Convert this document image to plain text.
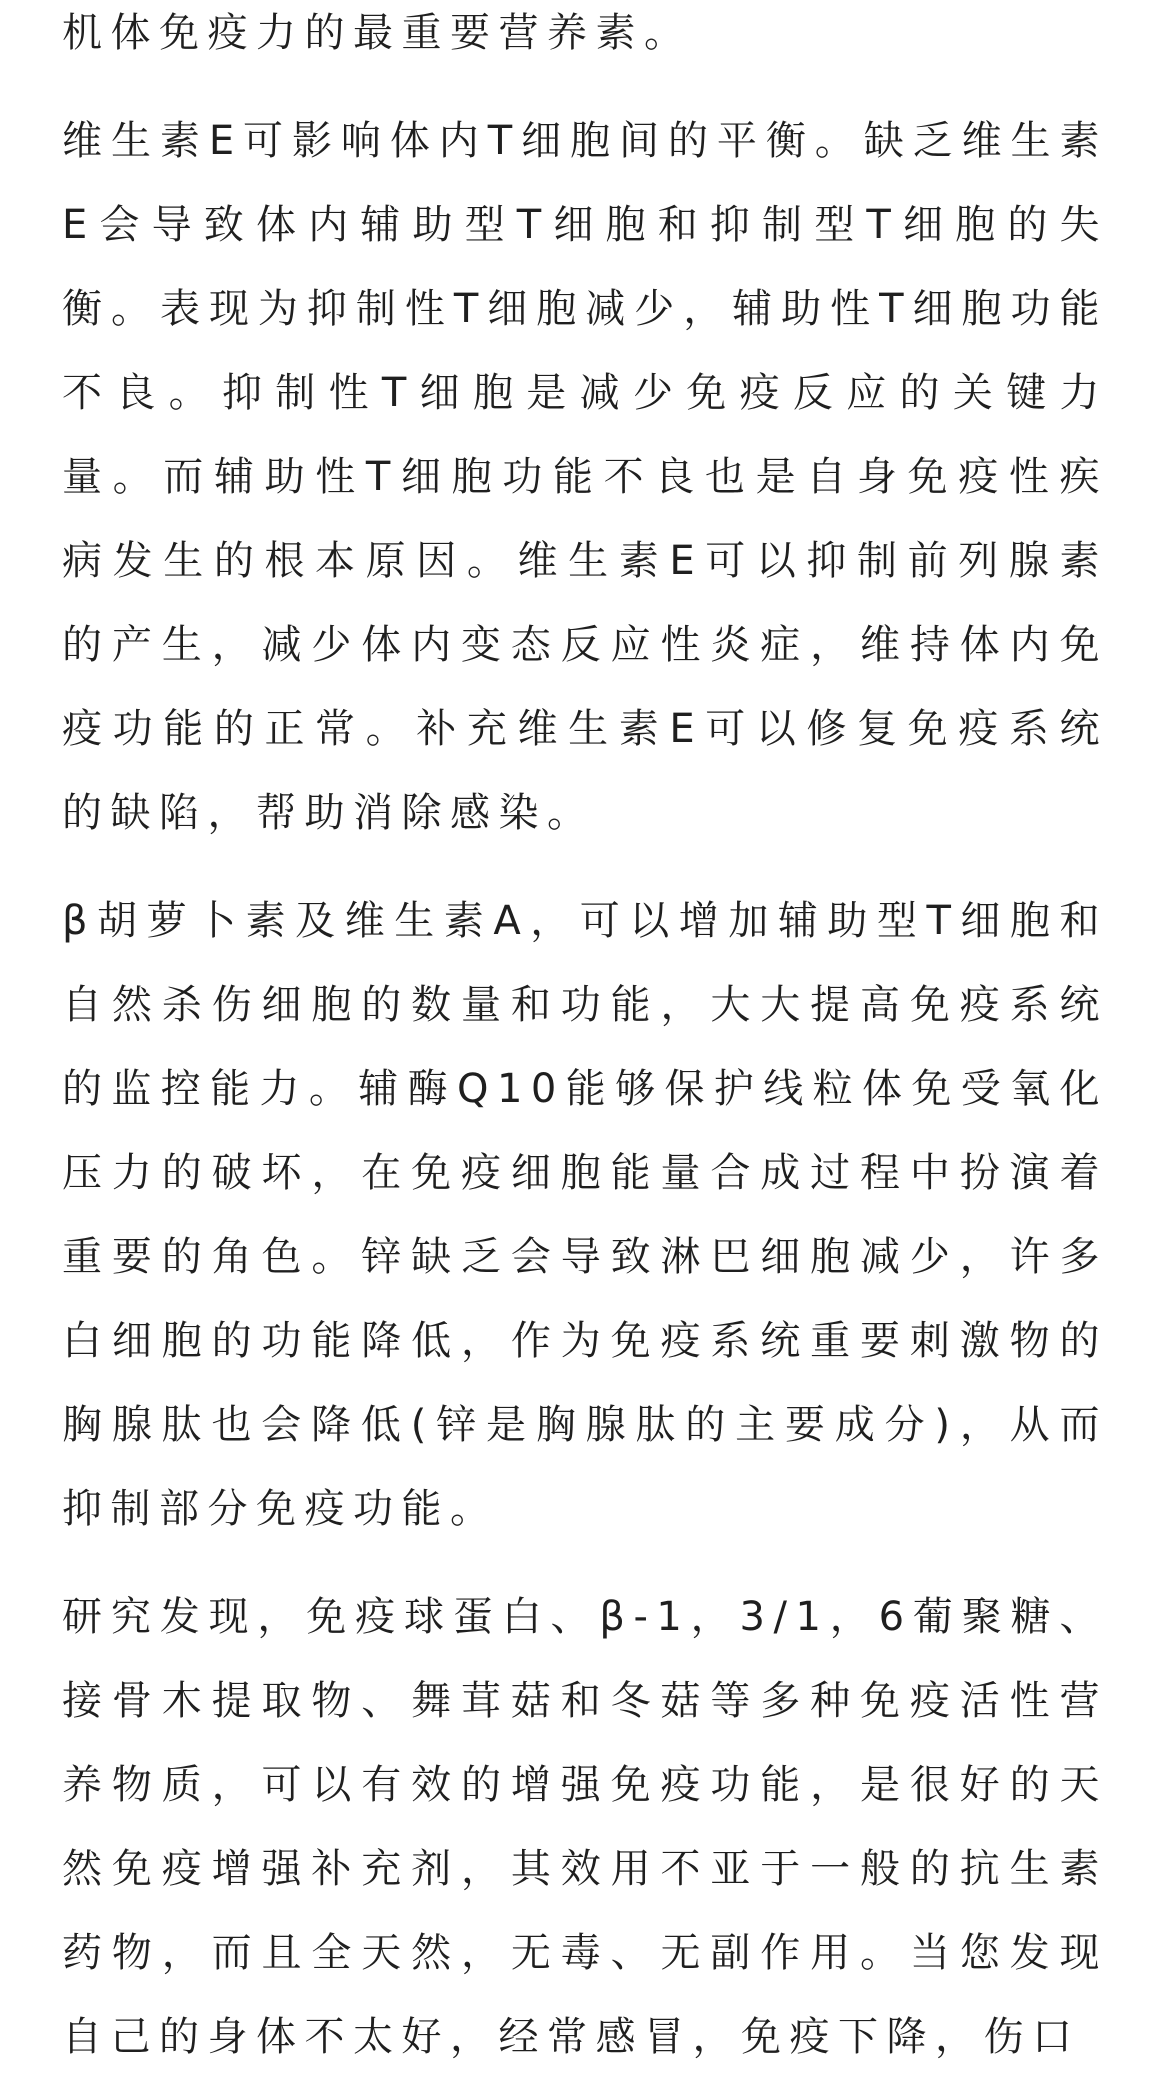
机体免疫力的最重要营养素。

维生素E可影响体内T细胞间的平衡。缺乏维生素E会导致体内辅助型T细胞和抑制型T细胞的失衡。表现为抑制性T细胞减少，辅助性T细胞功能不良。抑制性T细胞是减少免疫反应的关键力量。而辅助性T细胞功能不良也是自身免疫性疾病发生的根本原因。维生素E可以抑制前列腺素的产生，减少体内变态反应性炎症，维持体内免疫功能的正常。补充维生素E可以修复免疫系统的缺陷，帮助消除感染。

β胡萝卜素及维生素A，可以增加辅助型T细胞和自然杀伤细胞的数量和功能，大大提高免疫系统的监控能力。辅酶Q10能够保护线粒体免受氧化压力的破坏，在免疫细胞能量合成过程中扮演着重要的角色。锌缺乏会导致淋巴细胞减少，许多白细胞的功能降低，作为免疫系统重要刺激物的胸腺肽也会降低(锌是胸腺肽的主要成分)，从而抑制部分免疫功能。

研究发现，免疫球蛋白、β-1，3/1，6葡聚糖、接骨木提取物、舞茸菇和冬菇等多种免疫活性营养物质，可以有效的增强免疫功能，是很好的天然免疫增强补充剂，其效用不亚于一般的抗生素药物，而且全天然，无毒、无副作用。当您发现自己的身体不太好，经常感冒，免疫下降，伤口
